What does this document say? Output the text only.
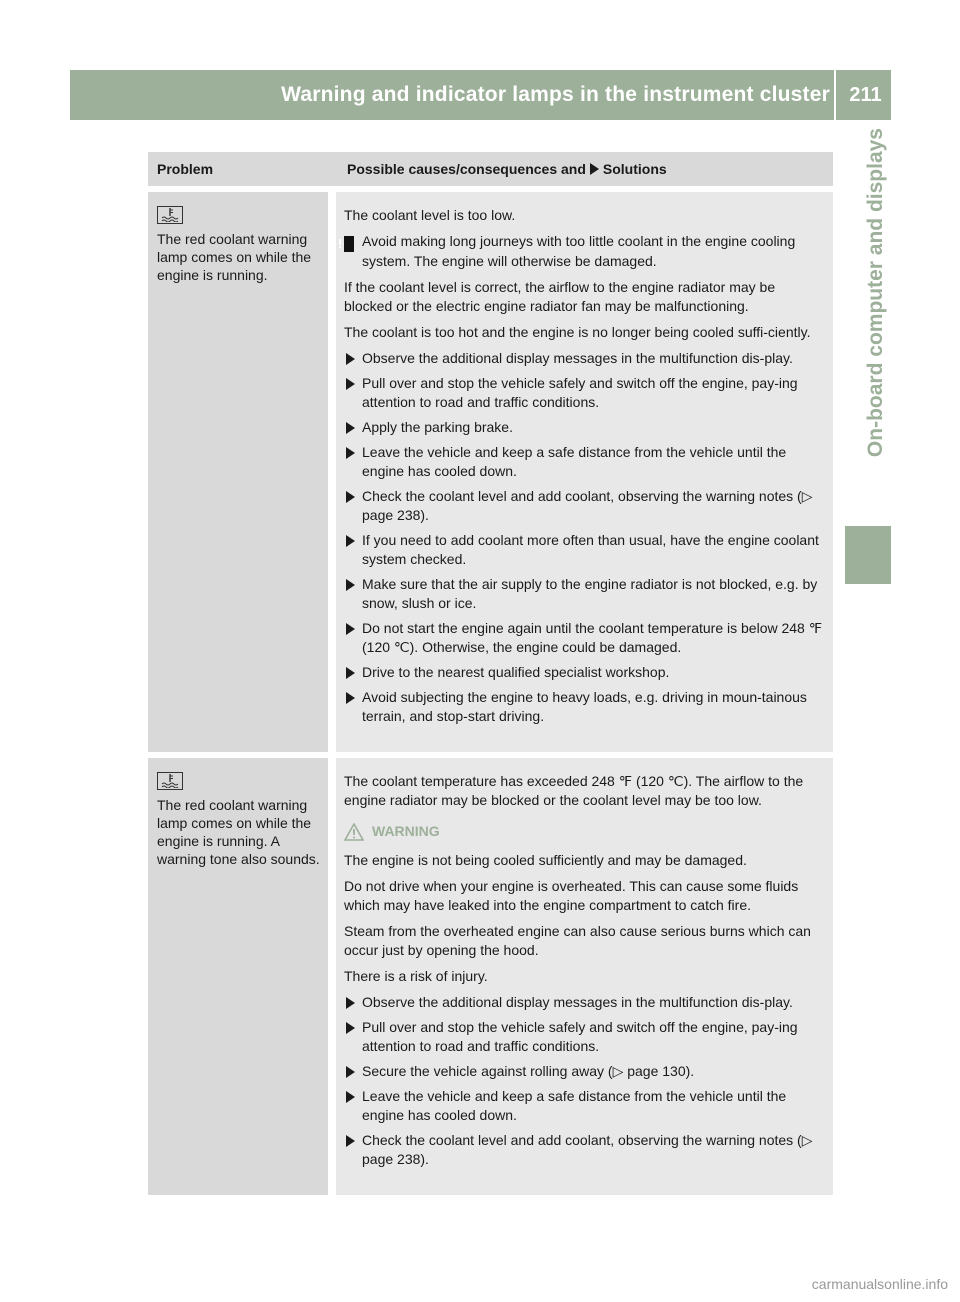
Warning and indicator lamps in the instrument cluster 211
On-board computer and displays
Problem	Possible causes/consequences and Solutions
The red coolant warning lamp comes on while the engine is running.

The coolant level is too low.

! Avoid making long journeys with too little coolant in the engine cooling system. The engine will otherwise be damaged.

If the coolant level is correct, the airflow to the engine radiator may be blocked or the electric engine radiator fan may be malfunctioning.

The coolant is too hot and the engine is no longer being cooled suffi-ciently.

Observe the additional display messages in the multifunction dis-play.
Pull over and stop the vehicle safely and switch off the engine, pay-ing attention to road and traffic conditions.
Apply the parking brake.
Leave the vehicle and keep a safe distance from the vehicle until the engine has cooled down.
Check the coolant level and add coolant, observing the warning notes (▷ page 238).
If you need to add coolant more often than usual, have the engine coolant system checked.
Make sure that the air supply to the engine radiator is not blocked, e.g. by snow, slush or ice.
Do not start the engine again until the coolant temperature is below 248 ℉ (120 ℃). Otherwise, the engine could be damaged.
Drive to the nearest qualified specialist workshop.
Avoid subjecting the engine to heavy loads, e.g. driving in moun-tainous terrain, and stop-start driving.
The red coolant warning lamp comes on while the engine is running. A warning tone also sounds.

The coolant temperature has exceeded 248 ℉ (120 ℃). The airflow to the engine radiator may be blocked or the coolant level may be too low.

WARNING

The engine is not being cooled sufficiently and may be damaged.

Do not drive when your engine is overheated. This can cause some fluids which may have leaked into the engine compartment to catch fire.

Steam from the overheated engine can also cause serious burns which can occur just by opening the hood.

There is a risk of injury.

Observe the additional display messages in the multifunction dis-play.
Pull over and stop the vehicle safely and switch off the engine, pay-ing attention to road and traffic conditions.
Secure the vehicle against rolling away (▷ page 130).
Leave the vehicle and keep a safe distance from the vehicle until the engine has cooled down.
Check the coolant level and add coolant, observing the warning notes (▷ page 238).
carmanualsonline.info
